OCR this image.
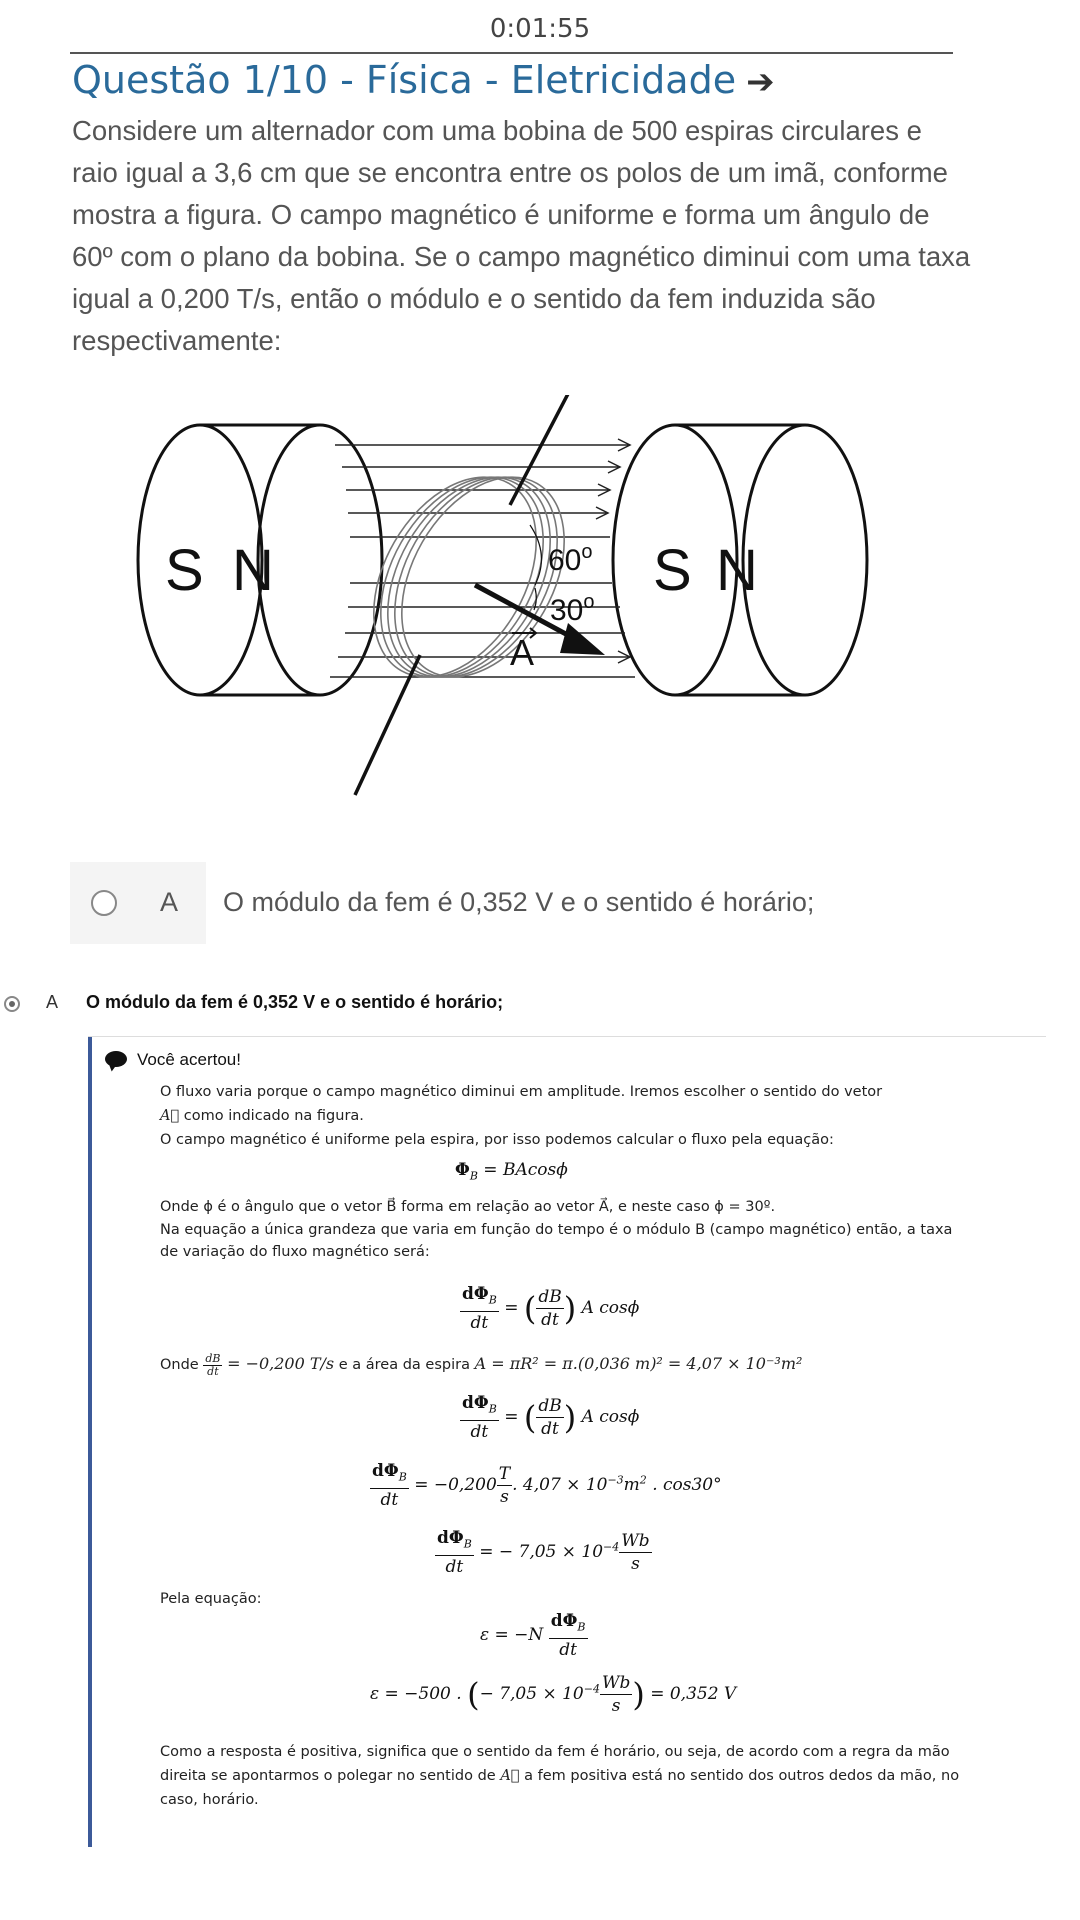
0:01:55
Questão 1/10 - Física - Eletricidade ➔
Considere um alternador com uma bobina de 500 espiras circulares e raio igual a 3,6 cm que se encontra entre os polos de um imã, conforme mostra a figura. O campo magnético é uniforme e forma um ângulo de 60º com o plano da bobina. Se o campo magnético diminui com uma taxa igual a 0,200 T/s, então o módulo e o sentido da fem induzida são respectivamente:
S N	S N
60$^o$
30$^o$
A
A O módulo da fem é 0,352 V e o sentido é horário;
A O módulo da fem é 0,352 V e o sentido é horário;
Você acertou!
O fluxo varia porque o campo magnético diminui em amplitude. Iremos escolher o sentido do vetor
A⃗ como indicado na figura.
O campo magnético é uniforme pela espira, por isso podemos calcular o fluxo pela equação:
$\Phi_B = BAcos\phi$
Onde ϕ é o ângulo que o vetor B⃗ forma em relação ao vetor A⃗, e neste caso ϕ = 30º.
Na equação a única grandeza que varia em função do tempo é o módulo B (campo magnético) então, a taxa de variação do fluxo magnético será:
$\frac{d\Phi_B}{dt}$ = ( $\frac{dB}{dt}$ ) A cosϕ
Onde $\frac{dB}{dt} = -0,200$ T/s e a área da espira A = πR² = π.(0,036 m)² = 4,07 × 10⁻³m²
$\frac{d\Phi_B}{dt}$ = ( $\frac{dB}{dt}$ ) A cosϕ
$\frac{d\Phi_B}{dt} = -0,200 \frac{T}{s}$ . $4,07 \times 10^{-3}m^2$ . cos30°
$\frac{d\Phi_B}{dt}$ = − $7,05 \times 10^{-4} \frac{Wb}{s}$
Pela equação:
$\varepsilon = -N \frac{d\Phi_B}{dt}$
ε = −500 . (− $7,05 \times 10^{-4} \frac{Wb}{s}$ ) = 0,352 V
Como a resposta é positiva, significa que o sentido da fem é horário, ou seja, de acordo com a regra da mão direita se apontarmos o polegar no sentido de A⃗ a fem positiva está no sentido dos outros dedos da mão, no caso, horário.
